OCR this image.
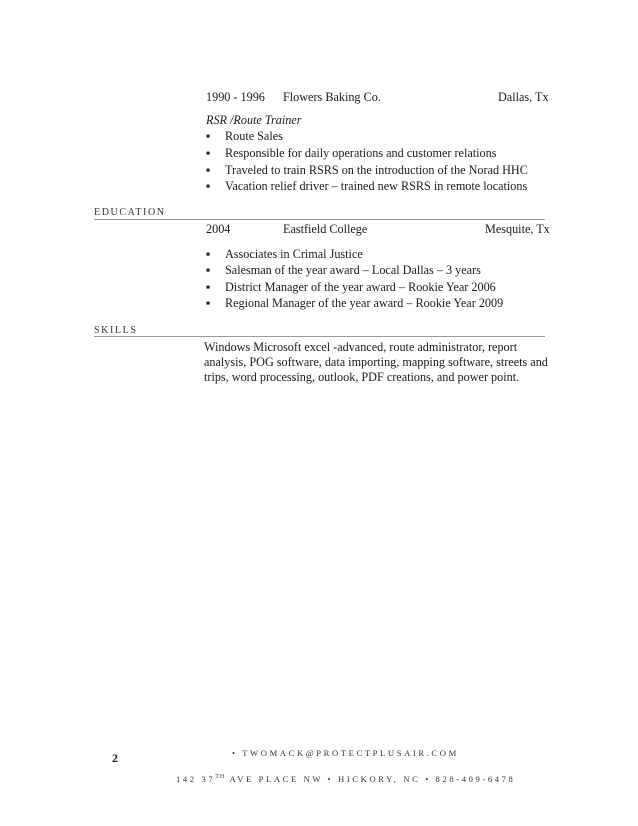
1990 - 1996 Flowers Baking Co.	Dallas, Tx
RSR /Route Trainer
▪ Route Sales
▪ Responsible for daily operations and customer relations
▪ Traveled to train RSRS on the introduction of the Norad HHC
▪ Vacation relief driver – trained new RSRS in remote locations
EDUCATION
2004	Eastfield College	Mesquite, Tx
▪ Associates in Crimal Justice
▪ Salesman of the year award – Local Dallas – 3 years
▪ District Manager of the year award – Rookie Year 2006
▪ Regional Manager of the year award – Rookie Year 2009
SKILLS
Windows Microsoft excel -advanced, route administrator, report analysis, POG software, data importing, mapping software, streets and trips, word processing, outlook, PDF creations, and power point.
2	• TWOMACK@PROTECTPLUSAIR.COM
142 37TH AVE PLACE NW • HICKORY, NC • 828-409-6478
